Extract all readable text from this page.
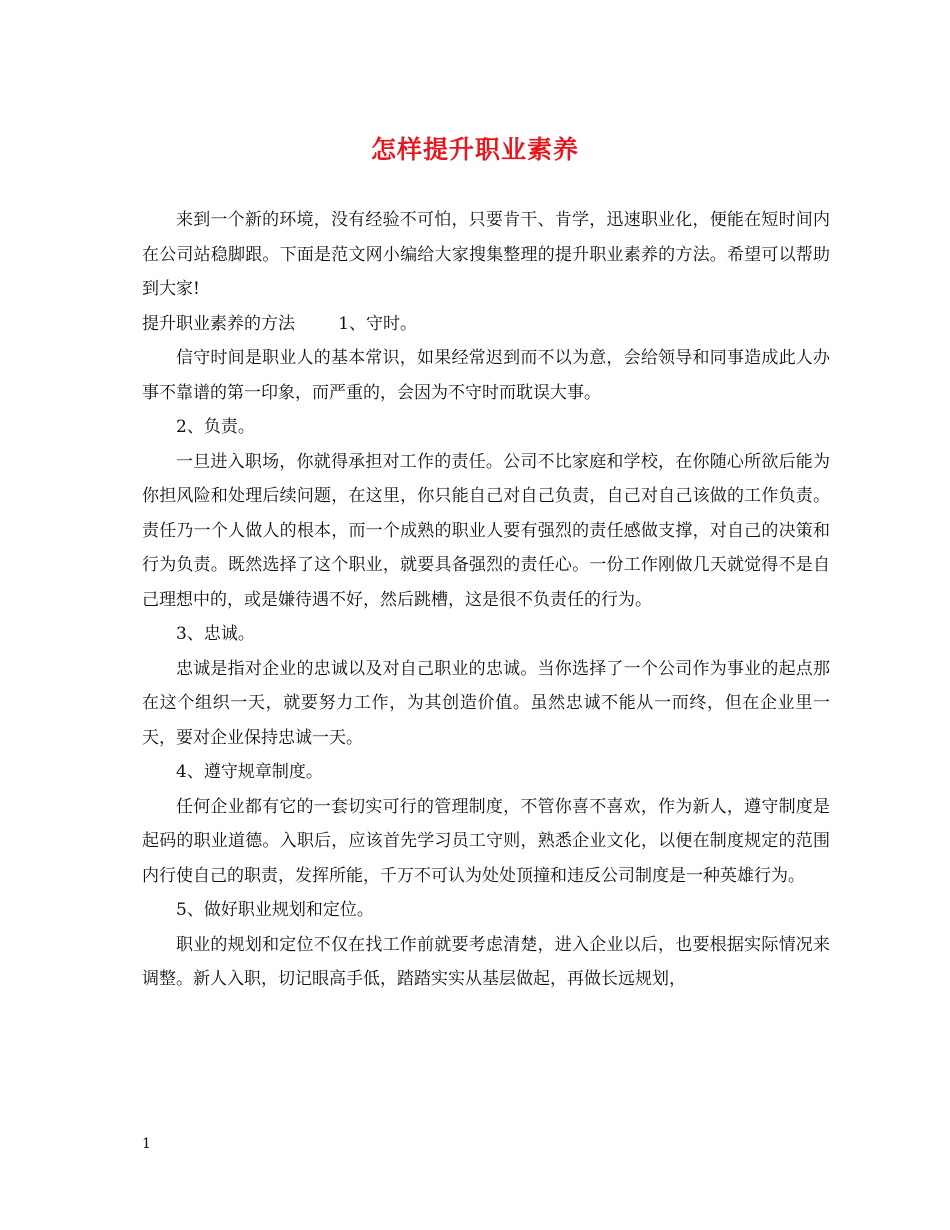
怎样提升职业素养

来到一个新的环境，没有经验不可怕，只要肯干、肯学，迅速职业化，便能在短时间内在公司站稳脚跟。下面是范文网小编给大家搜集整理的提升职业素养的方法。希望可以帮助到大家!

提升职业素养的方法        1、守时。

信守时间是职业人的基本常识，如果经常迟到而不以为意，会给领导和同事造成此人办事不靠谱的第一印象，而严重的，会因为不守时而耽误大事。

2、负责。

一旦进入职场，你就得承担对工作的责任。公司不比家庭和学校，在你随心所欲后能为你担风险和处理后续问题，在这里，你只能自己对自己负责，自己对自己该做的工作负责。责任乃一个人做人的根本，而一个成熟的职业人要有强烈的责任感做支撑，对自己的决策和行为负责。既然选择了这个职业，就要具备强烈的责任心。一份工作刚做几天就觉得不是自己理想中的，或是嫌待遇不好，然后跳槽，这是很不负责任的行为。

3、忠诚。

忠诚是指对企业的忠诚以及对自己职业的忠诚。当你选择了一个公司作为事业的起点那在这个组织一天，就要努力工作，为其创造价值。虽然忠诚不能从一而终，但在企业里一天，要对企业保持忠诚一天。

4、遵守规章制度。

任何企业都有它的一套切实可行的管理制度，不管你喜不喜欢，作为新人，遵守制度是起码的职业道德。入职后，应该首先学习员工守则，熟悉企业文化，以便在制度规定的范围内行使自己的职责，发挥所能，千万不可认为处处顶撞和违反公司制度是一种英雄行为。

5、做好职业规划和定位。

职业的规划和定位不仅在找工作前就要考虑清楚，进入企业以后，也要根据实际情况来调整。新人入职，切记眼高手低，踏踏实实从基层做起，再做长远规划，

1
